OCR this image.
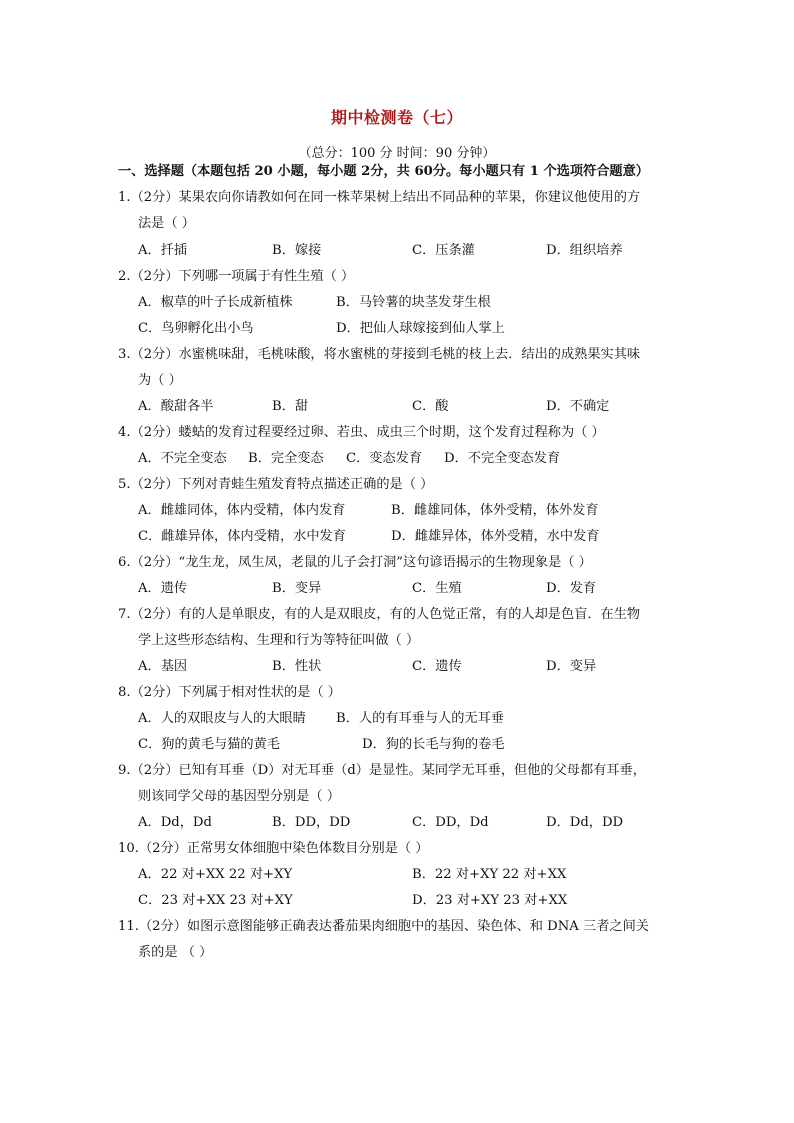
期中检测卷（七）
（总分：100 分 时间：90 分钟）
一、选择题（本题包括 20 小题，每小题 2分，共 60分。每小题只有 1 个选项符合题意）
1.（2分）某果农向你请教如何在同一株苹果树上结出不同品种的苹果，你建议他使用的方
法是（ ）
A．扦插	B．嫁接	C．压条灌	D．组织培养
2.（2分）下列哪一项属于有性生殖（ ）
A．椒草的叶子长成新植株	B．马铃薯的块茎发芽生根
C．鸟卵孵化出小鸟	D．把仙人球嫁接到仙人掌上
3.（2分）水蜜桃味甜，毛桃味酸，将水蜜桃的芽接到毛桃的枝上去．结出的成熟果实其味
为（ ）
A．酸甜各半	B．甜	C．酸	D．不确定
4.（2分）蝼蛄的发育过程要经过卵、若虫、成虫三个时期，这个发育过程称为（ ）
A．不完全变态 B．完全变态 C．变态发育 D．不完全变态发育
5.（2分）下列对青蛙生殖发育特点描述正确的是（ ）
A．雌雄同体，体内受精，体内发育	B．雌雄同体，体外受精，体外发育
C．雌雄异体，体内受精，水中发育	D．雌雄异体，体外受精，水中发育
6.（2分）“龙生龙，凤生凤，老鼠的儿子会打洞”这句谚语揭示的生物现象是（ ）
A．遗传	B．变异	C．生殖	D．发育
7.（2分）有的人是单眼皮，有的人是双眼皮，有的人色觉正常，有的人却是色盲．在生物
学上这些形态结构、生理和行为等特征叫做（ ）
A．基因	B．性状	C．遗传	D．变异
8.（2分）下列属于相对性状的是（ ）
A．人的双眼皮与人的大眼睛 B．人的有耳垂与人的无耳垂
C．狗的黄毛与猫的黄毛	D．狗的长毛与狗的卷毛
9.（2分）已知有耳垂（D）对无耳垂（d）是显性。某同学无耳垂，但他的父母都有耳垂，
则该同学父母的基因型分别是（ ）
A．Dd，Dd	B．DD，DD	C．DD，Dd	D．Dd，DD
10.（2分）正常男女体细胞中染色体数目分别是（ ）
A．22 对+XX 22 对+XY	B．22 对+XY 22 对+XX
C．23 对+XX 23 对+XY	D．23 对+XY 23 对+XX
11.（2分）如图示意图能够正确表达番茄果肉细胞中的基因、染色体、和 DNA 三者之间关
系的是 （ ）
